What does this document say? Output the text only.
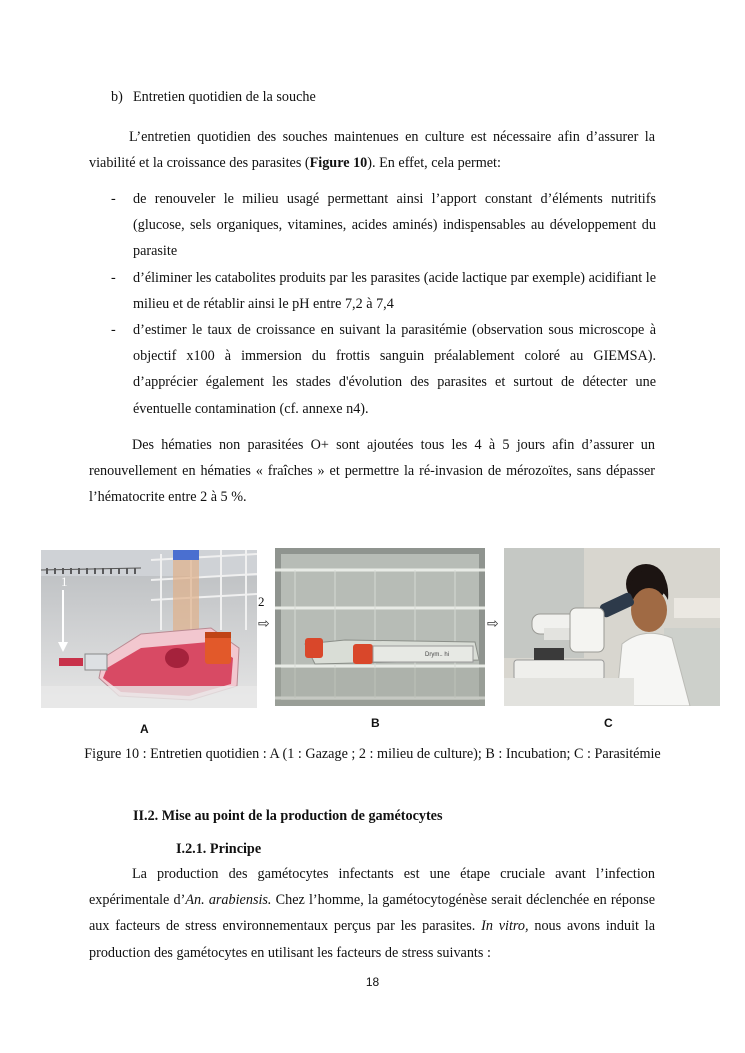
b) Entretien quotidien de la souche

L’entretien quotidien des souches maintenues en culture est nécessaire afin d’assurer la viabilité et la croissance des parasites (Figure 10). En effet, cela permet:

- de renouveler le milieu usagé permettant ainsi l’apport constant d’éléments nutritifs (glucose, sels organiques, vitamines, acides aminés) indispensables au développement du parasite
- d’éliminer les catabolites produits par les parasites (acide lactique par exemple) acidifiant le milieu et de rétablir ainsi le pH entre 7,2 à 7,4
- d’estimer le taux de croissance en suivant la parasitémie (observation sous microscope à objectif x100 à immersion du frottis sanguin préalablement coloré au GIEMSA). d’apprécier également les stades d'évolution des parasites et surtout de détecter une éventuelle contamination (cf. annexe n4).

Des hématies non parasitées O+ sont ajoutées tous les 4 à 5 jours afin d’assurer un renouvellement en hématies « fraîches » et permettre la ré-invasion de mérozoïtes, sans dépasser l’hématocrite entre 2 à 5 %.

1
2
⇨
Drym.. hi
⇨
A	B	C
Figure 10 : Entretien quotidien : A (1 : Gazage ; 2 : milieu de culture); B : Incubation; C : Parasitémie
II.2. Mise au point de la production de gamétocytes
I.2.1. Principe

La production des gamétocytes infectants est une étape cruciale avant l’infection expérimentale d’An. arabiensis. Chez l’homme, la gamétocytogénèse serait déclenchée en réponse aux facteurs de stress environnementaux perçus par les parasites. In vitro, nous avons induit la production des gamétocytes en utilisant les facteurs de stress suivants :

18
